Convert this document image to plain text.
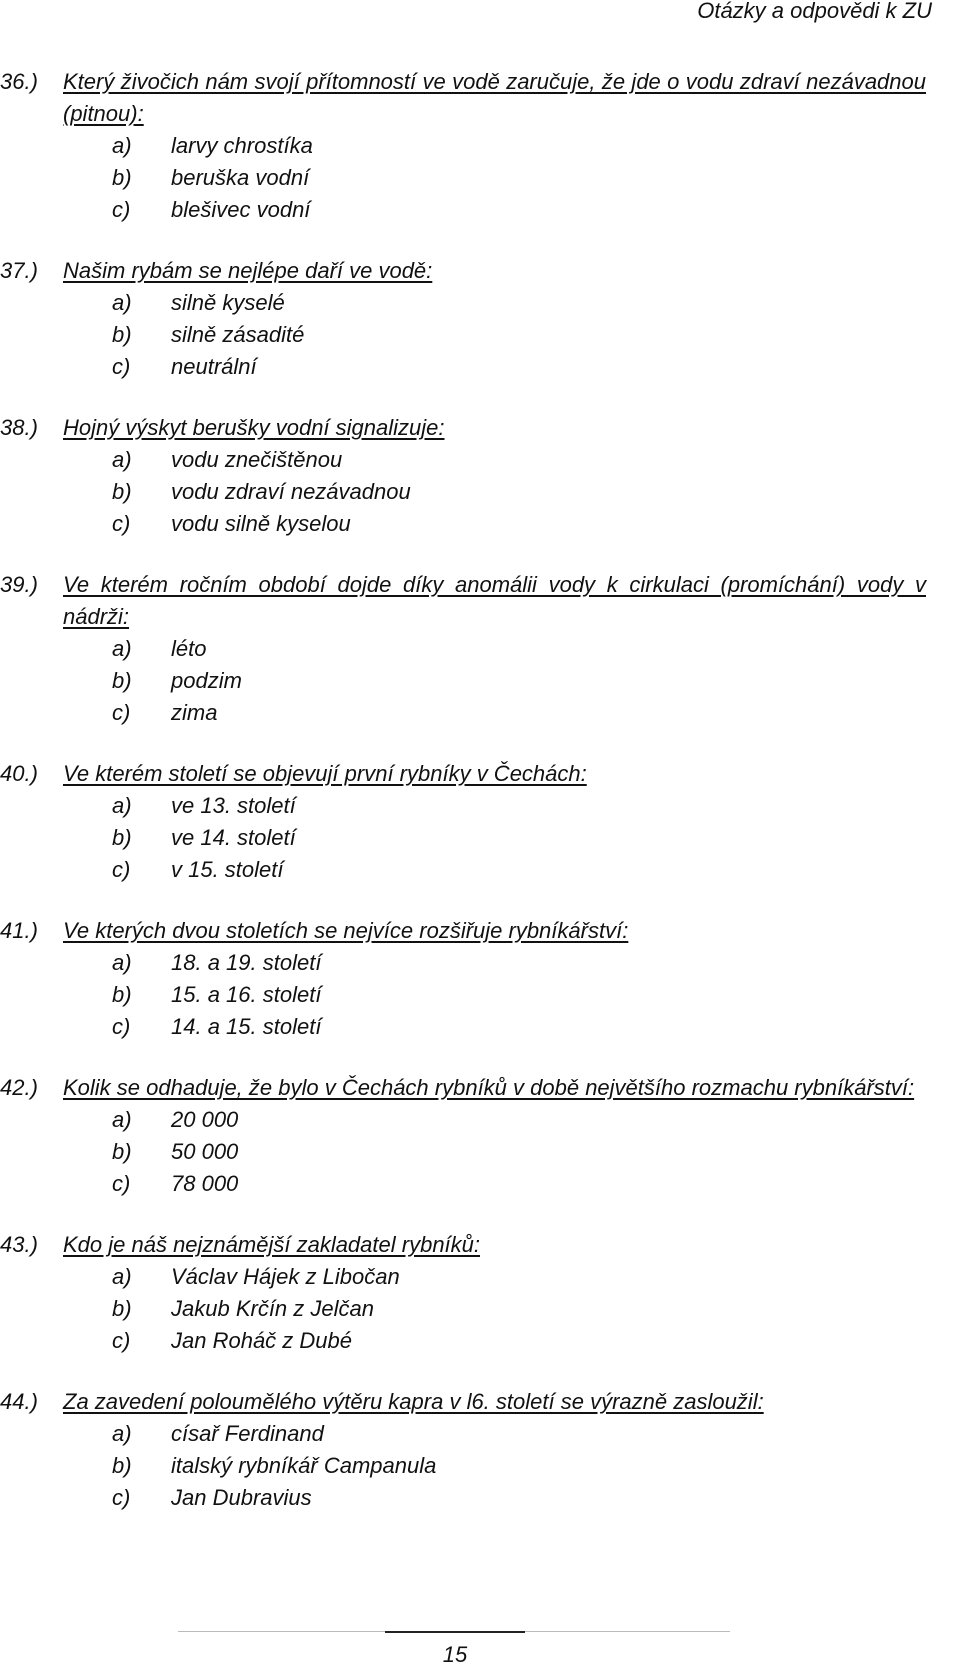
Otázky a odpovědi k ZU
36.) Který živočich nám svojí přítomností ve vodě zaručuje, že jde o vodu zdraví nezávadnou (pitnou):
a) larvy chrostíka
b) beruška vodní
c) blešivec vodní
37.) Našim rybám se nejlépe daří ve vodě:
a) silně kyselé
b) silně zásadité
c) neutrální
38.) Hojný výskyt berušky vodní signalizuje:
a) vodu znečištěnou
b) vodu zdraví nezávadnou
c) vodu silně kyselou
39.) Ve kterém ročním období dojde díky anomálii vody k cirkulaci (promíchání) vody v nádrži:
a) léto
b) podzim
c) zima
40.) Ve kterém století se objevují první rybníky v Čechách:
a) ve 13. století
b) ve 14. století
c) v 15. století
41.) Ve kterých dvou stoletích se nejvíce rozšiřuje rybníkářství:
a) 18. a 19. století
b) 15. a 16. století
c) 14. a 15. století
42.) Kolik se odhaduje, že bylo v Čechách rybníků v době největšího rozmachu rybníkářství:
a) 20 000
b) 50 000
c) 78 000
43.) Kdo je náš nejznámější zakladatel rybníků:
a) Václav Hájek z Libočan
b) Jakub Krčín z Jelčan
c) Jan Roháč z Dubé
44.) Za zavedení polouměléhо výtěru kapra v l6. století se výrazně zasloužil:
a) císař Ferdinand
b) italský rybníkář Campanula
c) Jan Dubravius
15
